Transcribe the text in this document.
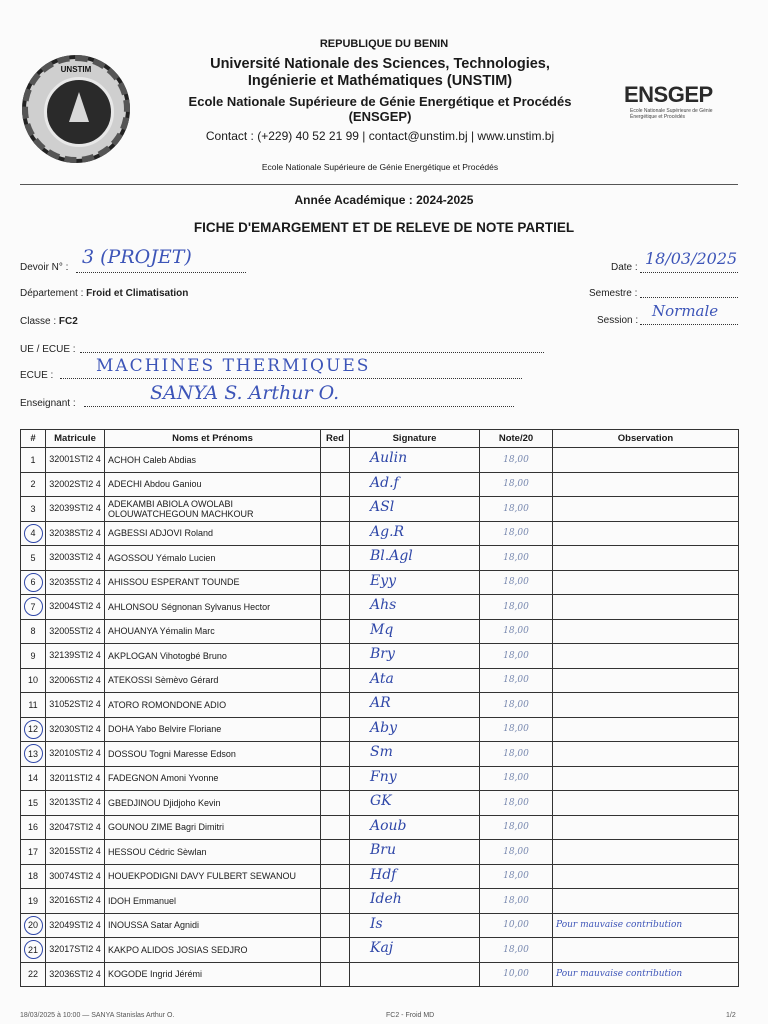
UNSTIM
REPUBLIQUE DU BENIN
Université Nationale des Sciences, Technologies,
Ingénierie et Mathématiques (UNSTIM)
Ecole Nationale Supérieure de Génie Energétique et Procédés
(ENSGEP)
Contact : (+229) 40 52 21 99 | contact@unstim.bj | www.unstim.bj
Ecole Nationale Supérieure de Génie Energétique et Procédés
ENSGEP
Ecole Nationale Supérieure de Génie Énergétique et Procédés
Année Académique : 2024-2025
FICHE D'EMARGEMENT ET DE RELEVE DE NOTE PARTIEL
Devoir N° : 3 (PROJET)	Date : 18/03/2025
Département : Froid et Climatisation	Semestre :
Classe : FC2	Session :
Normale
UE / ECUE :
ECUE :	MACHINES THERMIQUES
Enseignant :	SANYA S. Arthur O.
#	Matricule	Noms et Prénoms	Red	Signature	Note/20	Observation
1	32001STI2 4	ACHOH Caleb Abdias		Aulin	18,00	
2	32002STI2 4	ADECHI Abdou Ganiou		Ad.f	18,00	
3	32039STI2 4	ADEKAMBI ABIOLA OWOLABI OLOUWATCHEGOUN MACHKOUR		ASl	18,00	
4	32038STI2 4	AGBESSI ADJOVI Roland		Ag.R	18,00	
5	32003STI2 4	AGOSSOU Yémalo Lucien		Bl.Agl	18,00	
6	32035STI2 4	AHISSOU ESPERANT TOUNDE		Eyy	18,00	
7	32004STI2 4	AHLONSOU Ségnonan Sylvanus Hector		Ahs	18,00	
8	32005STI2 4	AHOUANYA Yémalin Marc		Mq	18,00	
9	32139STI2 4	AKPLOGAN Vihotogbé Bruno		Bry	18,00	
10	32006STI2 4	ATEKOSSI Sèmèvo Gérard		Ata	18,00	
11	31052STI2 4	ATORO ROMONDONE ADIO		AR	18,00	
12	32030STI2 4	DOHA Yabo Belvire Floriane		Aby	18,00	
13	32010STI2 4	DOSSOU Togni Maresse Edson		Sm	18,00	
14	32011STI2 4	FADEGNON Amoni Yvonne		Fny	18,00	
15	32013STI2 4	GBEDJINOU Djidjoho Kevin		GK	18,00	
16	32047STI2 4	GOUNOU ZIME Bagri Dimitri		Aoub	18,00	
17	32015STI2 4	HESSOU Cédric Sèwlan		Bru	18,00	
18	30074STI2 4	HOUEKPODIGNI DAVY FULBERT SEWANOU		Hdf	18,00	
19	32016STI2 4	IDOH Emmanuel		Ideh	18,00	
20	32049STI2 4	INOUSSA Satar Agnidi		Is	10,00	Pour mauvaise contribution
21	32017STI2 4	KAKPO ALIDOS JOSIAS SEDJRO		Kaj	18,00	
22	32036STI2 4	KOGODE Ingrid Jérémi			10,00	Pour mauvaise contribution
18/03/2025 à 10:00 — SANYA Stanislas Arthur O.	FC2 - Froid MD	1/2
